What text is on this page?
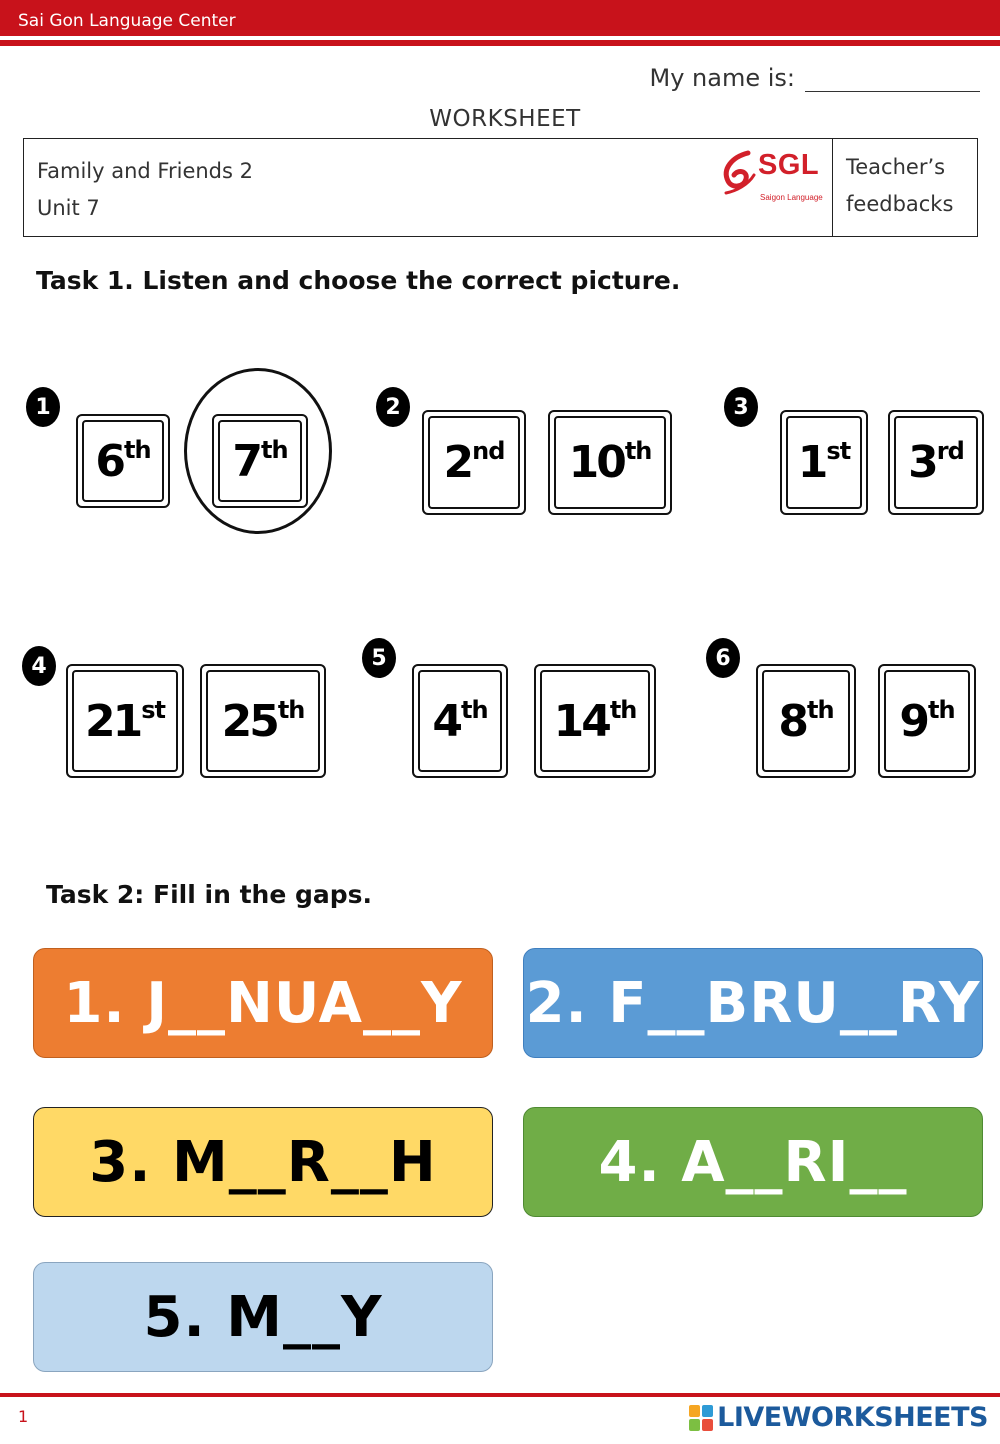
Sai Gon Language Center
My name is:
WORKSHEET
Family and Friends 2
Unit 7
SGL
Saigon Language
Teacher’s
feedbacks
Task 1. Listen and choose the correct picture.
1
6th 7th
2
2nd 10th
3
1st 3rd
4
21st 25th
5
4th 14th
6
8th 9th
Task 2: Fill in the gaps.
1. J__NUA__Y	2. F__BRU__RY
3. M__R__H	4. A__RI__
5. M__Y
1	LIVEWORKSHEETS
